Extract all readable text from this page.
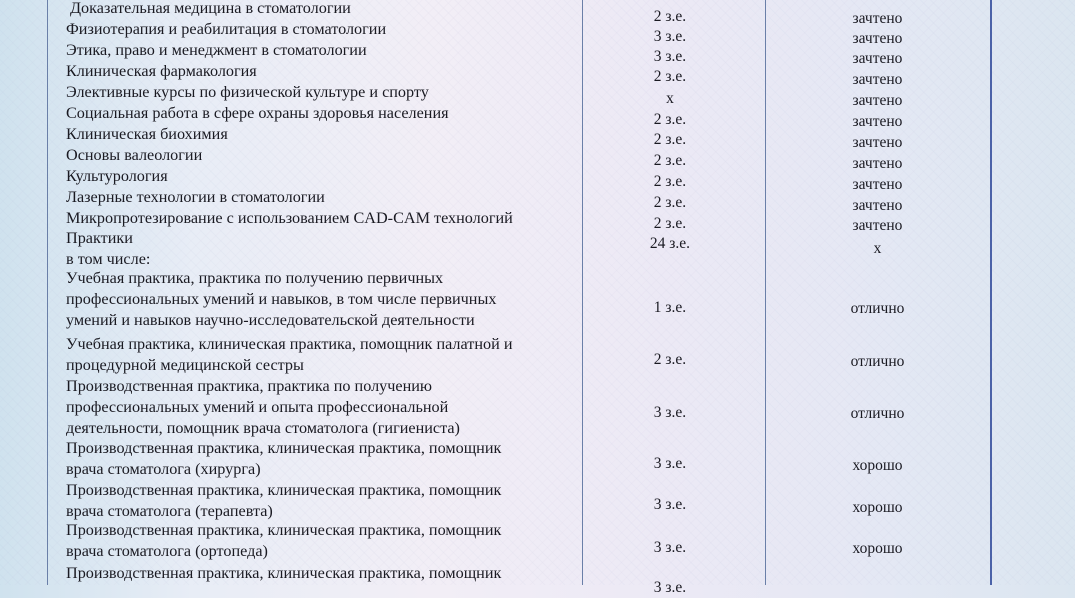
Доказательная медицина в стоматологии	2 з.е.	зачтено
Физиотерапия и реабилитация в стоматологии	3 з.е.	зачтено
Этика, право и менеджмент в стоматологии	3 з.е.	зачтено
Клиническая фармакология	2 з.е.	зачтено
Элективные курсы по физической культуре и спорту	х	зачтено
Социальная работа в сфере охраны здоровья населения	2 з.е.	зачтено
Клиническая биохимия	2 з.е.	зачтено
Основы валеологии	2 з.е.	зачтено
Культурология	2 з.е.	зачтено
Лазерные технологии в стоматологии	2 з.е.	зачтено
Микропротезирование с использованием CAD-CAM технологий	2 з.е.	зачтено
Практики
в том числе:
24 з.е.	х
Учебная практика, практика по получению первичных
профессиональных умений и навыков, в том числе первичных
умений и навыков научно-исследовательской деятельности
1 з.е.	отлично
Учебная практика, клиническая практика, помощник палатной и
процедурной медицинской сестры	2 з.е.	отлично
Производственная практика, практика по получению
профессиональных умений и опыта профессиональной
деятельности, помощник врача стоматолога (гигиениста)
3 з.е.	отлично
Производственная практика, клиническая практика, помощник
врача стоматолога (хирурга)	3 з.е.	хорошо
Производственная практика, клиническая практика, помощник
врача стоматолога (терапевта)	3 з.е.	хорошо
Производственная практика, клиническая практика, помощник
врача стоматолога (ортопеда)	3 з.е.	хорошо
Производственная практика, клиническая практика, помощник
3 з.е.
